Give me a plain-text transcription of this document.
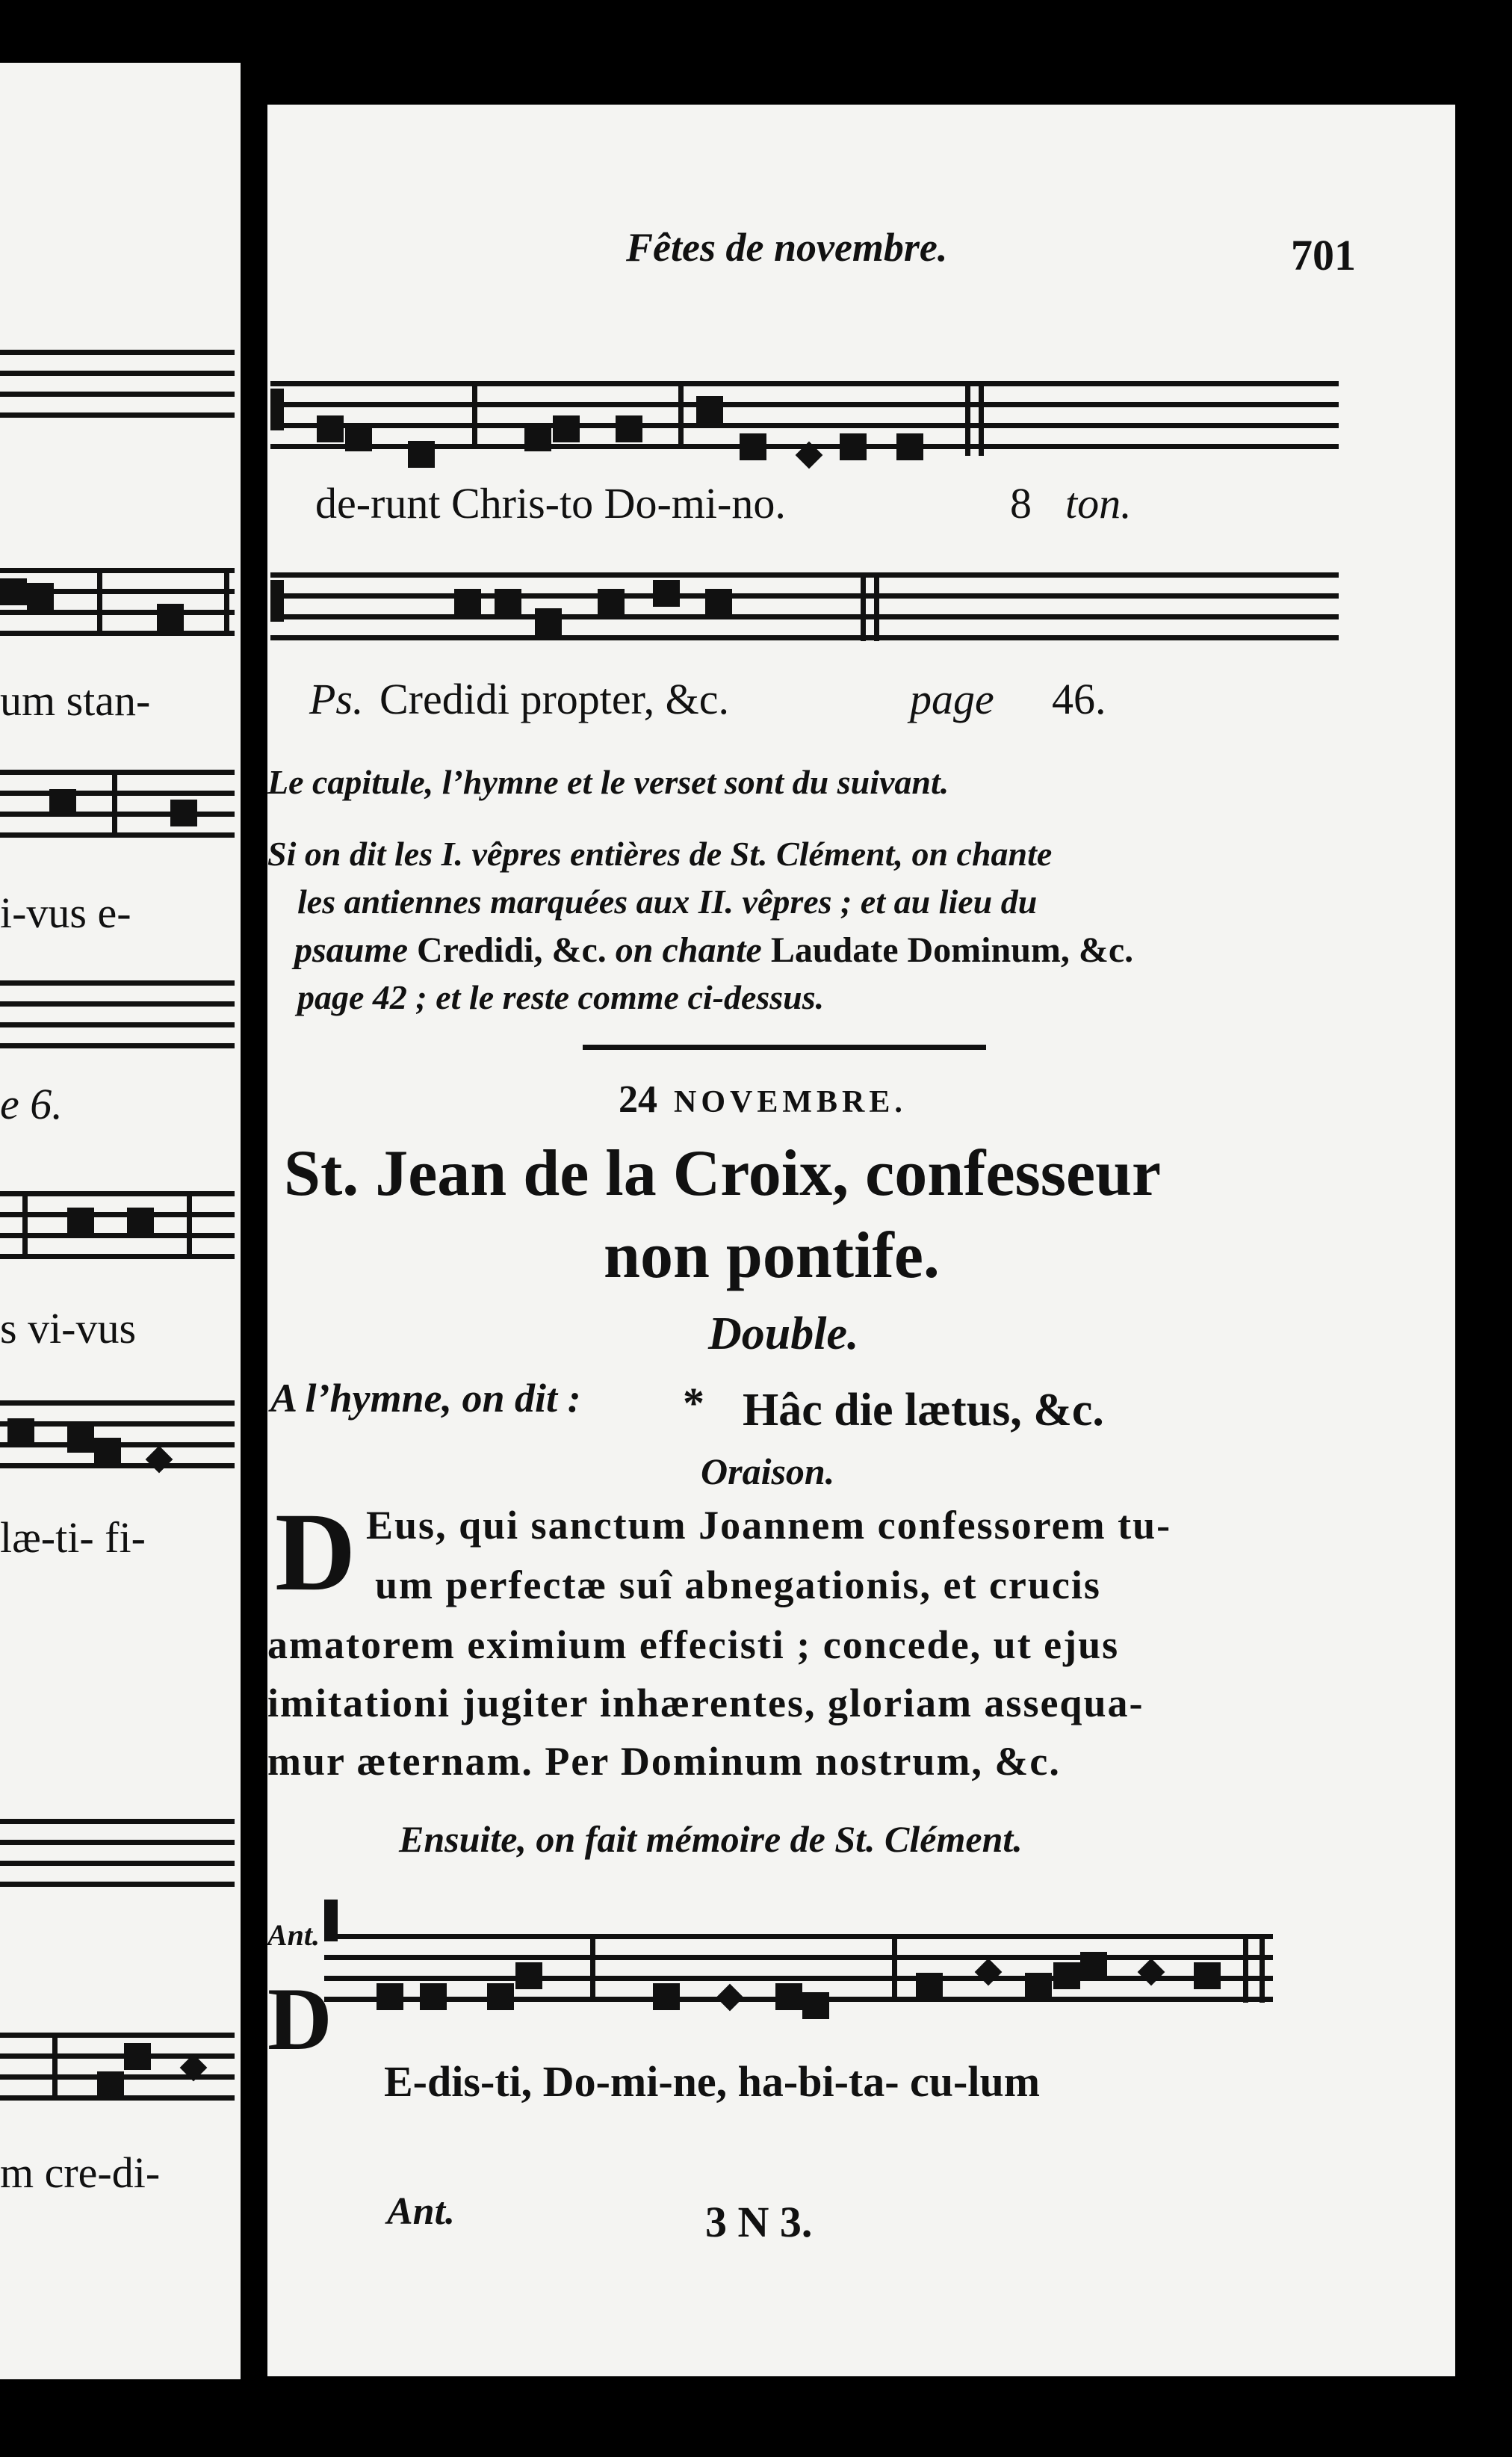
um stan-
i-vus e-
e 6.
s vi-vus
læ-ti- fi-
m cre-di-
Fêtes de novembre.	701
de-runt Chris-to Do-mi-no.	8 ton.
Ps. Credidi propter, &c.	page 46.
Le capitule, l’hymne et le verset sont du suivant.
Si on dit les I. vêpres entières de St. Clément, on chante
les antiennes marquées aux II. vêpres ; et au lieu du
psaume Credidi, &c. on chante Laudate Dominum, &c.
page 42 ; et le reste comme ci-dessus.
24 NOVEMBRE.
St. Jean de la Croix, confesseur
non pontife.
Double.
A l’hymne, on dit : * Hâc die lætus, &c.
Oraison.
D Eus, qui sanctum Joannem confessorem tu-
um perfectæ suî abnegationis, et crucis
amatorem eximium effecisti ; concede, ut ejus
imitationi jugiter inhærentes, gloriam assequa-
mur æternam. Per Dominum nostrum, &c.
Ensuite, on fait mémoire de St. Clément.
Ant.
D
E-dis-ti, Do-mi-ne, ha-bi-ta- cu-lum
Ant.	3 N 3.
